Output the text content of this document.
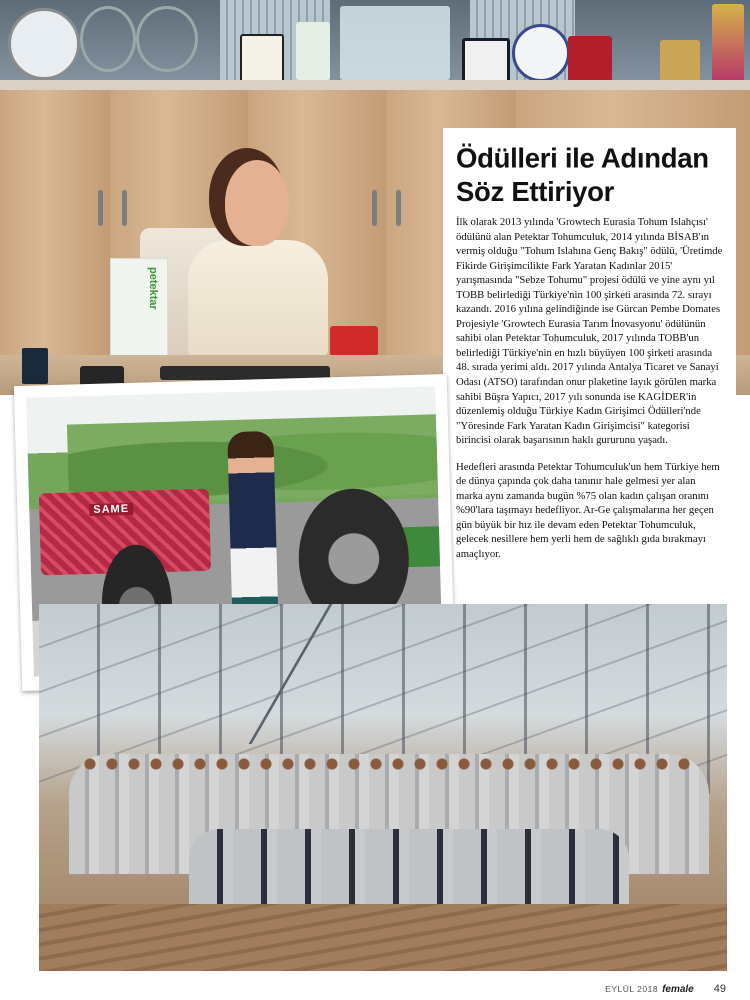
petektar
Ödülleri ile Adından
Söz Ettiriyor

İlk olarak 2013 yılında 'Growtech Eurasia Tohum Islahçısı' ödülünü alan Petektar Tohumculuk, 2014 yılında BİSAB'ın vermiş olduğu "Tohum Islahına Genç Bakış" ödülü, 'Üretimde Fikirde Girişimcilikte Fark Yaratan Kadınlar 2015' yarışmasında "Sebze Tohumu" projesi ödülü ve yine aynı yıl TOBB belirlediği Türkiye'nin 100 şirketi arasında 72. sırayı kazandı. 2016 yılına gelindiğinde ise Gürcan Pembe Domates Projesiyle 'Growtech Eurasia Tarım İnovasyonu' ödülünün sahibi olan Petektar Tohumculuk, 2017 yılında TOBB'un belirlediği Türkiye'nin en hızlı büyüyen 100 şirketi arasında 48. sırada yerimi aldı. 2017 yılında Antalya Ticaret ve Sanayi Odası (ATSO) tarafından onur plaketine layık görülen marka sahibi Büşra Yapıcı, 2017 yılı sonunda ise KAGİDER'in düzenlemiş olduğu Türkiye Kadın Girişimci Ödülleri'nde "Yöresinde Fark Yaratan Kadın Girişimcisi" kategorisi birincisi olarak başarısının haklı gururunu yaşadı.

Hedefleri arasında Petektar Tohumculuk'un hem Türkiye hem de dünya çapında çok daha tanınır hale gelmesi yer alan marka aynı zamanda bugün %75 olan kadın çalışan oranını %90'lara taşımayı hedefliyor. Ar-Ge çalışmalarına her geçen gün büyük bir hız ile devam eden Petektar Tohumculuk, gelecek nesillere hem yerli hem de sağlıklı gıda bırakmayı amaçlıyor.

SAME
EYLÜL 2018 female 49
